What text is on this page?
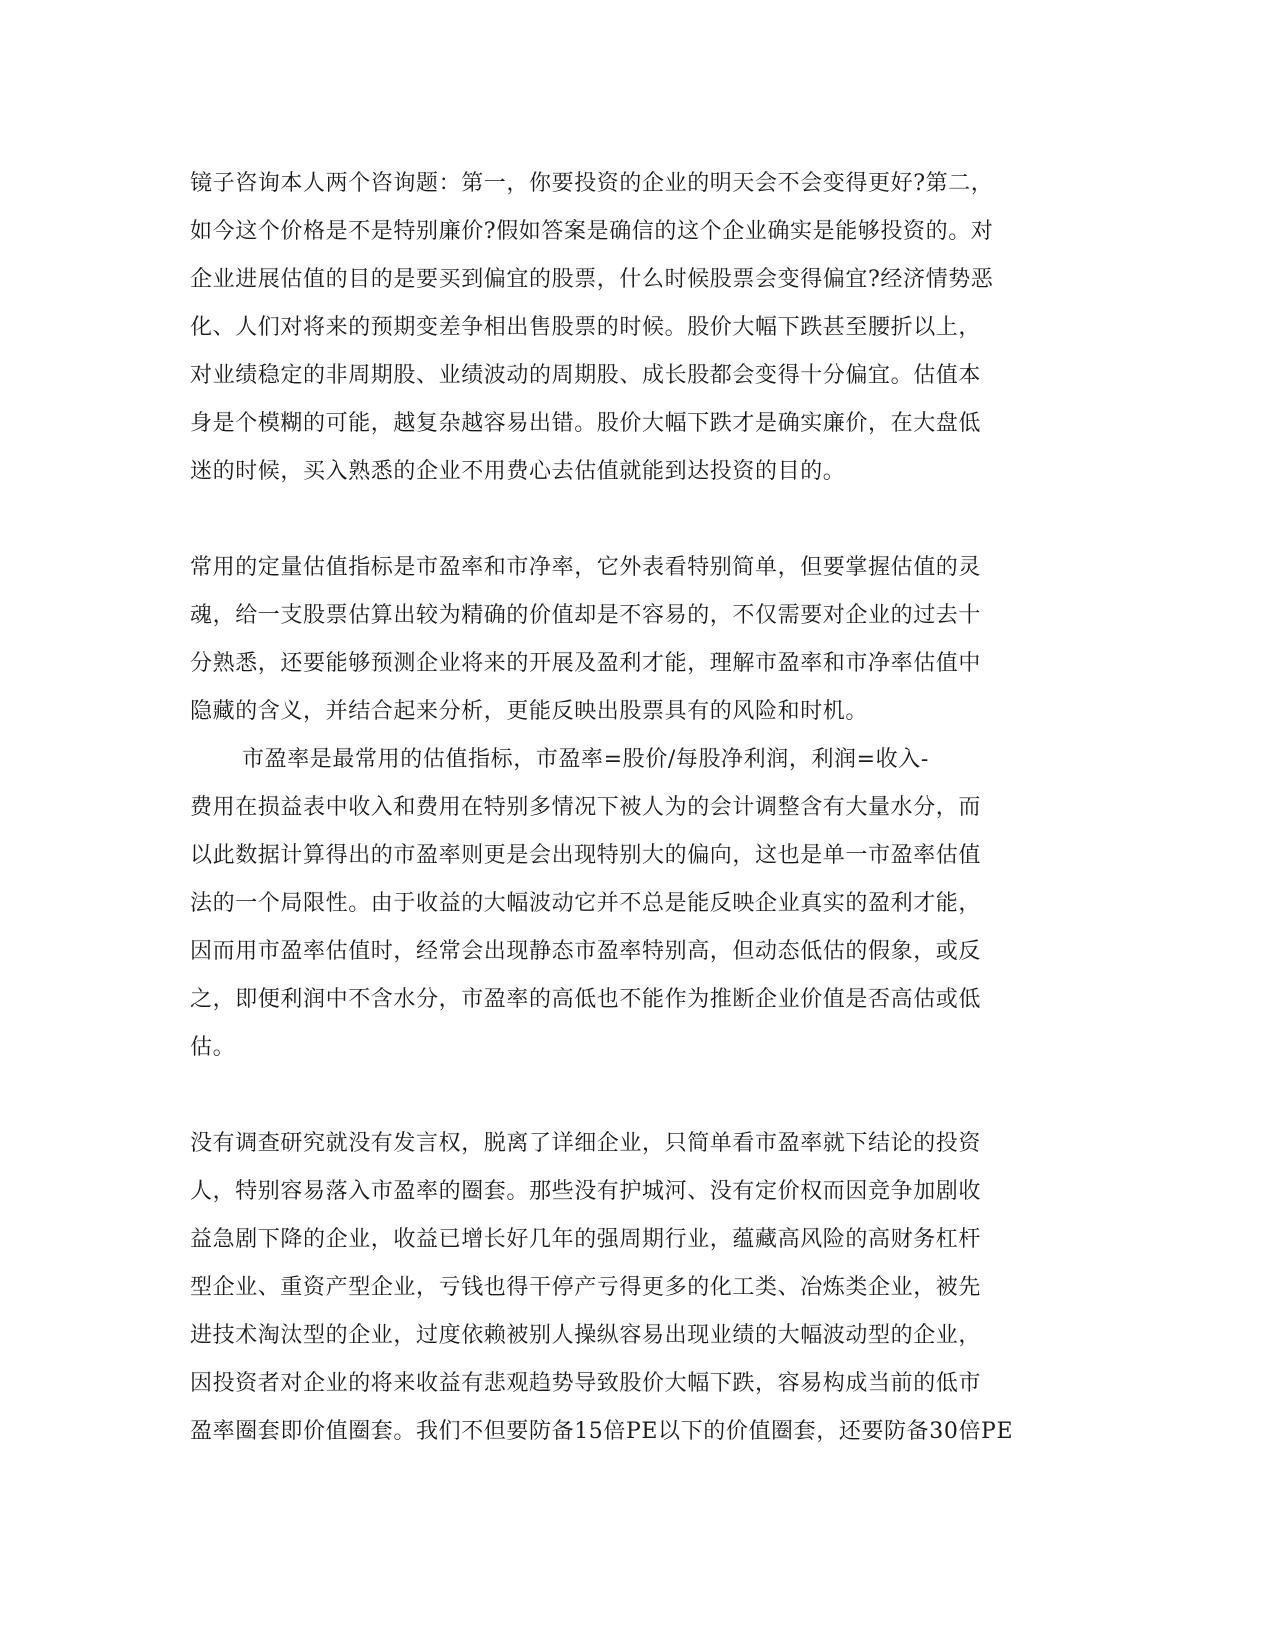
镜子咨询本人两个咨询题：第一，你要投资的企业的明天会不会变得更好?第二，
如今这个价格是不是特别廉价?假如答案是确信的这个企业确实是能够投资的。对
企业进展估值的目的是要买到偏宜的股票，什么时候股票会变得偏宜?经济情势恶
化、人们对将来的预期变差争相出售股票的时候。股价大幅下跌甚至腰折以上，
对业绩稳定的非周期股、业绩波动的周期股、成长股都会变得十分偏宜。估值本
身是个模糊的可能，越复杂越容易出错。股价大幅下跌才是确实廉价，在大盘低
迷的时候，买入熟悉的企业不用费心去估值就能到达投资的目的。
常用的定量估值指标是市盈率和市净率，它外表看特别简单，但要掌握估值的灵
魂，给一支股票估算出较为精确的价值却是不容易的，不仅需要对企业的过去十
分熟悉，还要能够预测企业将来的开展及盈利才能，理解市盈率和市净率估值中
隐藏的含义，并结合起来分析，更能反映出股票具有的风险和时机。
市盈率是最常用的估值指标，市盈率=股价/每股净利润，利润=收入-
费用在损益表中收入和费用在特别多情况下被人为的会计调整含有大量水分，而
以此数据计算得出的市盈率则更是会出现特别大的偏向，这也是单一市盈率估值
法的一个局限性。由于收益的大幅波动它并不总是能反映企业真实的盈利才能，
因而用市盈率估值时，经常会出现静态市盈率特别高，但动态低估的假象，或反
之，即便利润中不含水分，市盈率的高低也不能作为推断企业价值是否高估或低
估。
没有调查研究就没有发言权，脱离了详细企业，只简单看市盈率就下结论的投资
人，特别容易落入市盈率的圈套。那些没有护城河、没有定价权而因竞争加剧收
益急剧下降的企业，收益已增长好几年的强周期行业，蕴藏高风险的高财务杠杆
型企业、重资产型企业，亏钱也得干停产亏得更多的化工类、冶炼类企业，被先
进技术淘汰型的企业，过度依赖被别人操纵容易出现业绩的大幅波动型的企业，
因投资者对企业的将来收益有悲观趋势导致股价大幅下跌，容易构成当前的低市
盈率圈套即价值圈套。我们不但要防备15倍PE以下的价值圈套，还要防备30倍PE
